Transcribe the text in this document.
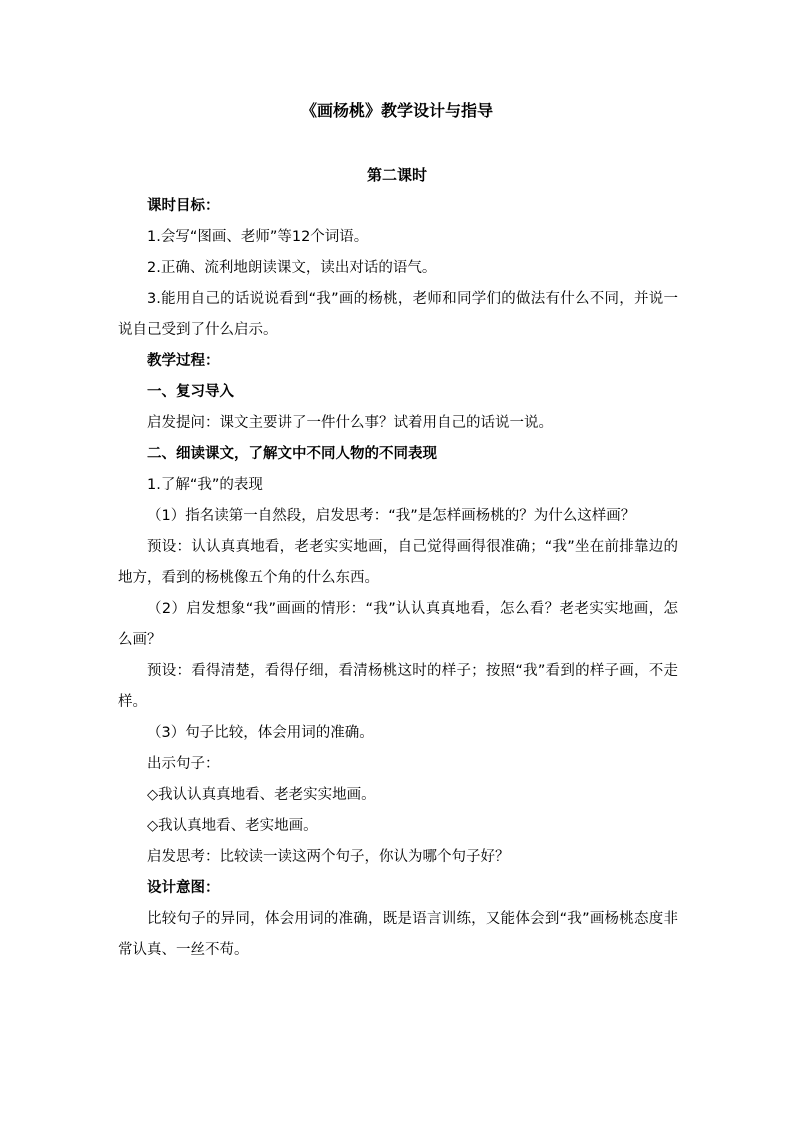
《画杨桃》教学设计与指导
第二课时

课时目标：

1.会写“图画、老师”等12个词语。

2.正确、流利地朗读课文，读出对话的语气。

3.能用自己的话说说看到“我”画的杨桃，老师和同学们的做法有什么不同，并说一说自己受到了什么启示。

教学过程：

一、复习导入

启发提问：课文主要讲了一件什么事？试着用自己的话说一说。

二、细读课文，了解文中不同人物的不同表现

1.了解“我”的表现

（1）指名读第一自然段，启发思考：“我”是怎样画杨桃的？为什么这样画？

预设：认认真真地看，老老实实地画，自己觉得画得很准确；“我”坐在前排靠边的地方，看到的杨桃像五个角的什么东西。

（2）启发想象“我”画画的情形：“我”认认真真地看，怎么看？老老实实地画，怎么画？

预设：看得清楚，看得仔细，看清杨桃这时的样子；按照“我”看到的样子画，不走样。

（3）句子比较，体会用词的准确。

出示句子：

◇我认认真真地看、老老实实地画。

◇我认真地看、老实地画。

启发思考：比较读一读这两个句子，你认为哪个句子好？

设计意图：

比较句子的异同，体会用词的准确，既是语言训练，又能体会到“我”画杨桃态度非常认真、一丝不苟。
